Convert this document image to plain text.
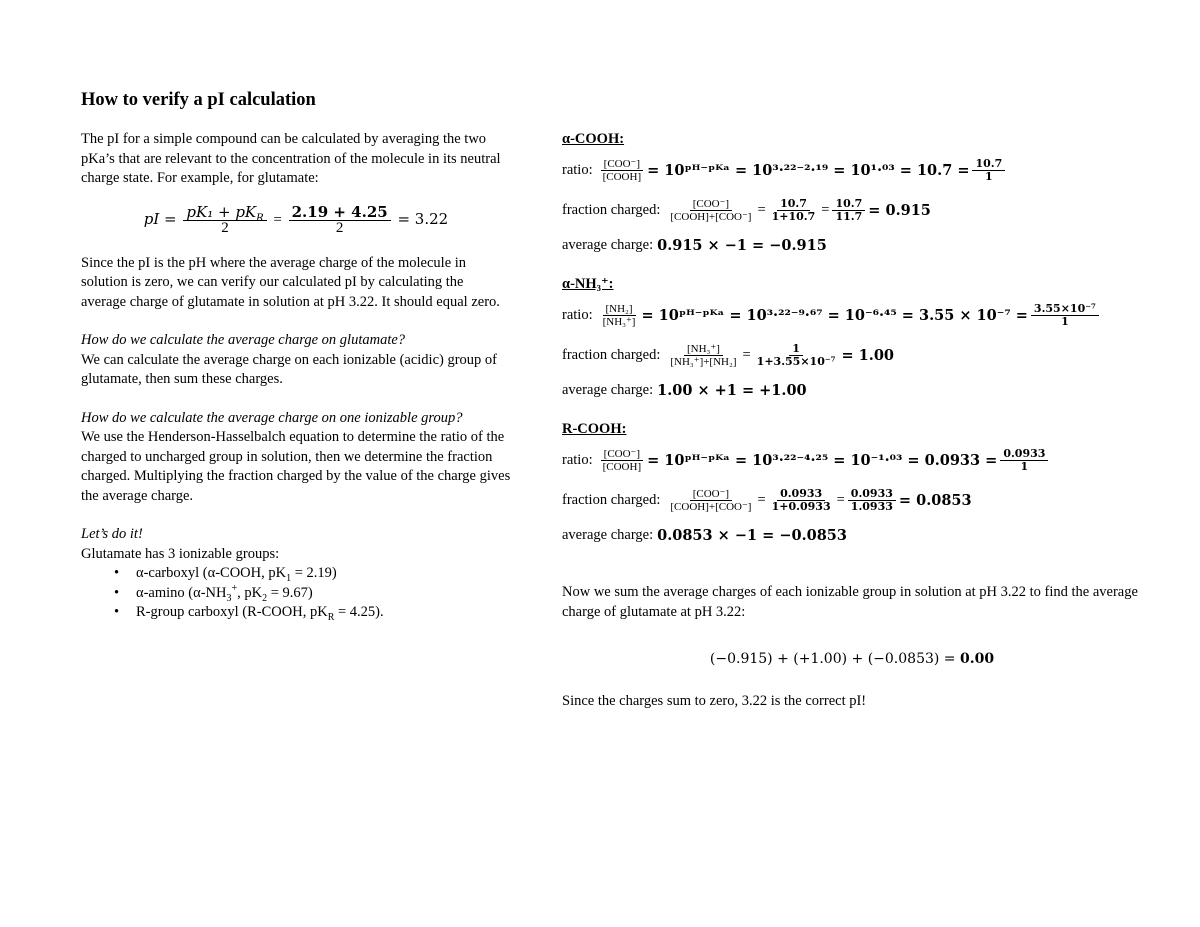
How to verify a pI calculation

The pI for a simple compound can be calculated by averaging the two pKa’s that are relevant to the concentration of the molecule in its neutral charge state. For example, for glutamate:

pI = $\frac{pK_1 + pK_R}{2} = \frac{2.19 + 4.25}{2} = 3.22$

Since the pI is the pH where the average charge of the molecule in solution is zero, we can verify our calculated pI by calculating the average charge of glutamate in solution at pH 3.22. It should equal zero.

How do we calculate the average charge on glutamate?

We can calculate the average charge on each ionizable (acidic) group of glutamate, then sum these charges.

How do we calculate the average charge on one ionizable group?

We use the Henderson-Hasselbalch equation to determine the ratio of the charged to uncharged group in solution, then we determine the fraction charged. Multiplying the fraction charged by the value of the charge gives the average charge.

Let’s do it!

Glutamate has 3 ionizable groups:

• α-carboxyl (α-COOH, $pK_1 = 2.19$)
• α-amino ($\alpha-NH_3^+$, $pK_2 = 9.67$)
• R-group carboxyl (R-COOH, $pK_R = 4.25$).
α-COOH:
ratio: $\frac{\text{[COO⁻]}}{\text{[COOH]}}$ = 10ᵖᴴ⁻ᵖᴷᵃ = $10^3\cdot^{22-2}\cdot^{19} = 10^1\cdot^{03} = 10.7 = \frac{10.7}{1}$
fraction charged: $\frac{\text{[COO⁻]}}{\text{[COOH]+[COO⁻]}} = \frac{10.7}{1+10.7} = \frac{10.7}{11.7} = 0.915$
average charge: 0.915 × −1 = −0.915
α-NH₃⁺:
ratio: $\frac{\text{[NH₂]}}{\text{[NH₃⁺]}}$ = 10ᵖᴴ⁻ᵖᴷᵃ = $10^3\cdot^{22-9}\cdot^{67} = 10^{-6}\cdot^{45} = 3.55 \times 10^{-7} = \frac{\text{3.55×10⁻⁷}}{1}$
fraction charged: $\frac{\text{[NH₃⁺]}}{\text{[NH₃⁺]+[NH₂]}} = \frac{1}{\text{1+3.55×10⁻⁷}} = 1.00$
average charge: 1.00 × +1 = +1.00
R-COOH:
ratio: $\frac{\text{[COO⁻]}}{\text{[COOH]}}$ = 10ᵖᴴ⁻ᵖᴷᵃ = $10^3\cdot^{22-4}\cdot^{25} = 10^{-1}\cdot^{03} = 0.0933 = \frac{0.0933}{1}$
fraction charged: $\frac{\text{[COO⁻]}}{\text{[COOH]+[COO⁻]}} = \frac{0.0933}{1+0.0933} = \frac{0.0933}{1.0933} = 0.0853$
average charge: 0.0853 × −1 = −0.0853

Now we sum the average charges of each ionizable group in solution at pH 3.22 to find the average charge of glutamate at pH 3.22:

(−0.915) + (+1.00) + (−0.0853) = 0.00

Since the charges sum to zero, 3.22 is the correct pI!
